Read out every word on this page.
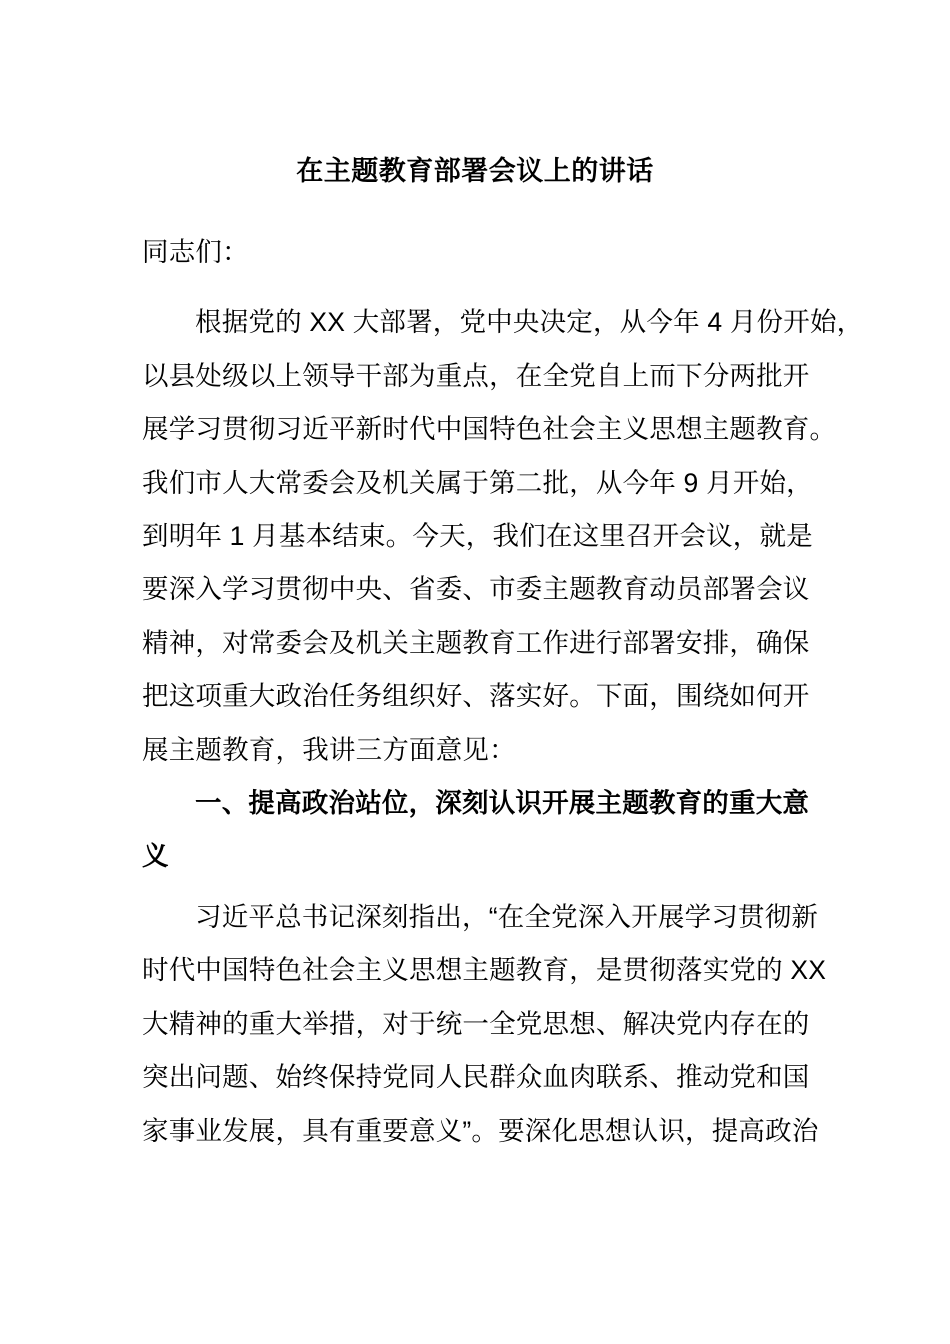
在主题教育部署会议上的讲话

同志们：

根据党的 XX 大部署，党中央决定，从今年 4 月份开始，
以县处级以上领导干部为重点，在全党自上而下分两批开
展学习贯彻习近平新时代中国特色社会主义思想主题教育。
我们市人大常委会及机关属于第二批，从今年 9 月开始，
到明年 1 月基本结束。今天，我们在这里召开会议，就是
要深入学习贯彻中央、省委、市委主题教育动员部署会议
精神，对常委会及机关主题教育工作进行部署安排，确保
把这项重大政治任务组织好、落实好。下面，围绕如何开
展主题教育，我讲三方面意见：
一、提高政治站位，深刻认识开展主题教育的重大意
义
习近平总书记深刻指出，“在全党深入开展学习贯彻新
时代中国特色社会主义思想主题教育，是贯彻落实党的 XX
大精神的重大举措，对于统一全党思想、解决党内存在的
突出问题、始终保持党同人民群众血肉联系、推动党和国
家事业发展，具有重要意义”。要深化思想认识，提高政治
